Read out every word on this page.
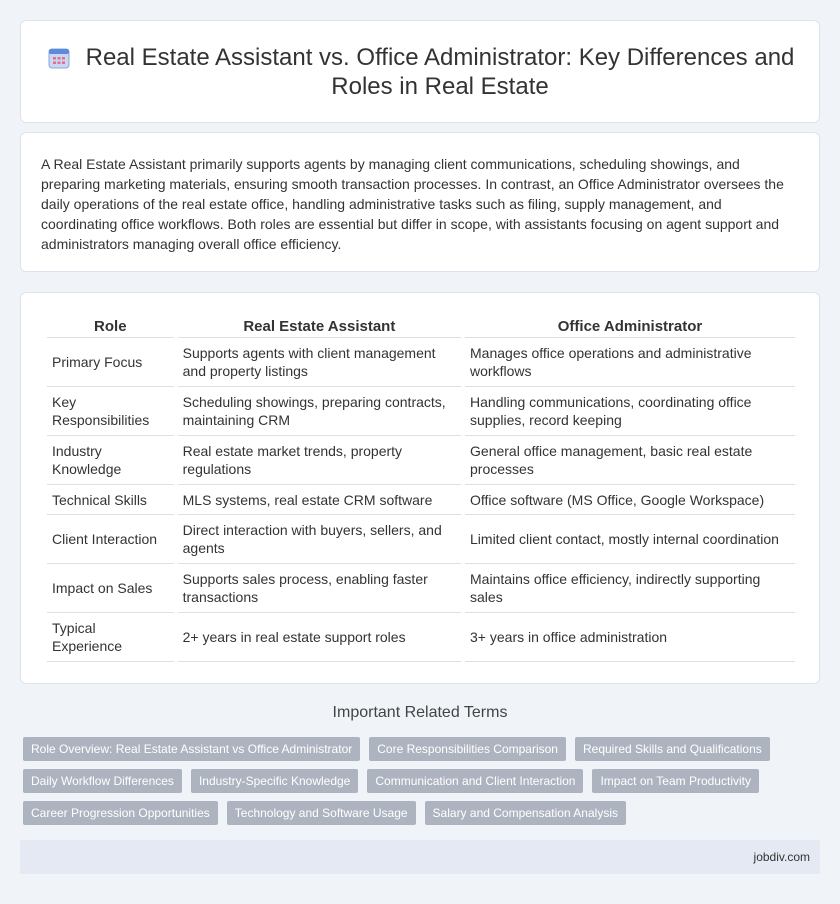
Real Estate Assistant vs. Office Administrator: Key Differences and Roles in Real Estate

A Real Estate Assistant primarily supports agents by managing client communications, scheduling showings, and preparing marketing materials, ensuring smooth transaction processes. In contrast, an Office Administrator oversees the daily operations of the real estate office, handling administrative tasks such as filing, supply management, and coordinating office workflows. Both roles are essential but differ in scope, with assistants focusing on agent support and administrators managing overall office efficiency.

Role	Real Estate Assistant	Office Administrator
Primary Focus	Supports agents with client management and property listings	Manages office operations and administrative workflows
Key Responsibilities	Scheduling showings, preparing contracts, maintaining CRM	Handling communications, coordinating office supplies, record keeping
Industry Knowledge	Real estate market trends, property regulations	General office management, basic real estate processes
Technical Skills	MLS systems, real estate CRM software	Office software (MS Office, Google Workspace)
Client Interaction	Direct interaction with buyers, sellers, and agents	Limited client contact, mostly internal coordination
Impact on Sales	Supports sales process, enabling faster transactions	Maintains office efficiency, indirectly supporting sales
Typical Experience	2+ years in real estate support roles	3+ years in office administration
Important Related Terms
Role Overview: Real Estate Assistant vs Office Administrator	Core Responsibilities Comparison	Required Skills and Qualifications
Daily Workflow Differences	Industry-Specific Knowledge	Communication and Client Interaction	Impact on Team Productivity
Career Progression Opportunities	Technology and Software Usage	Salary and Compensation Analysis
jobdiv.com
